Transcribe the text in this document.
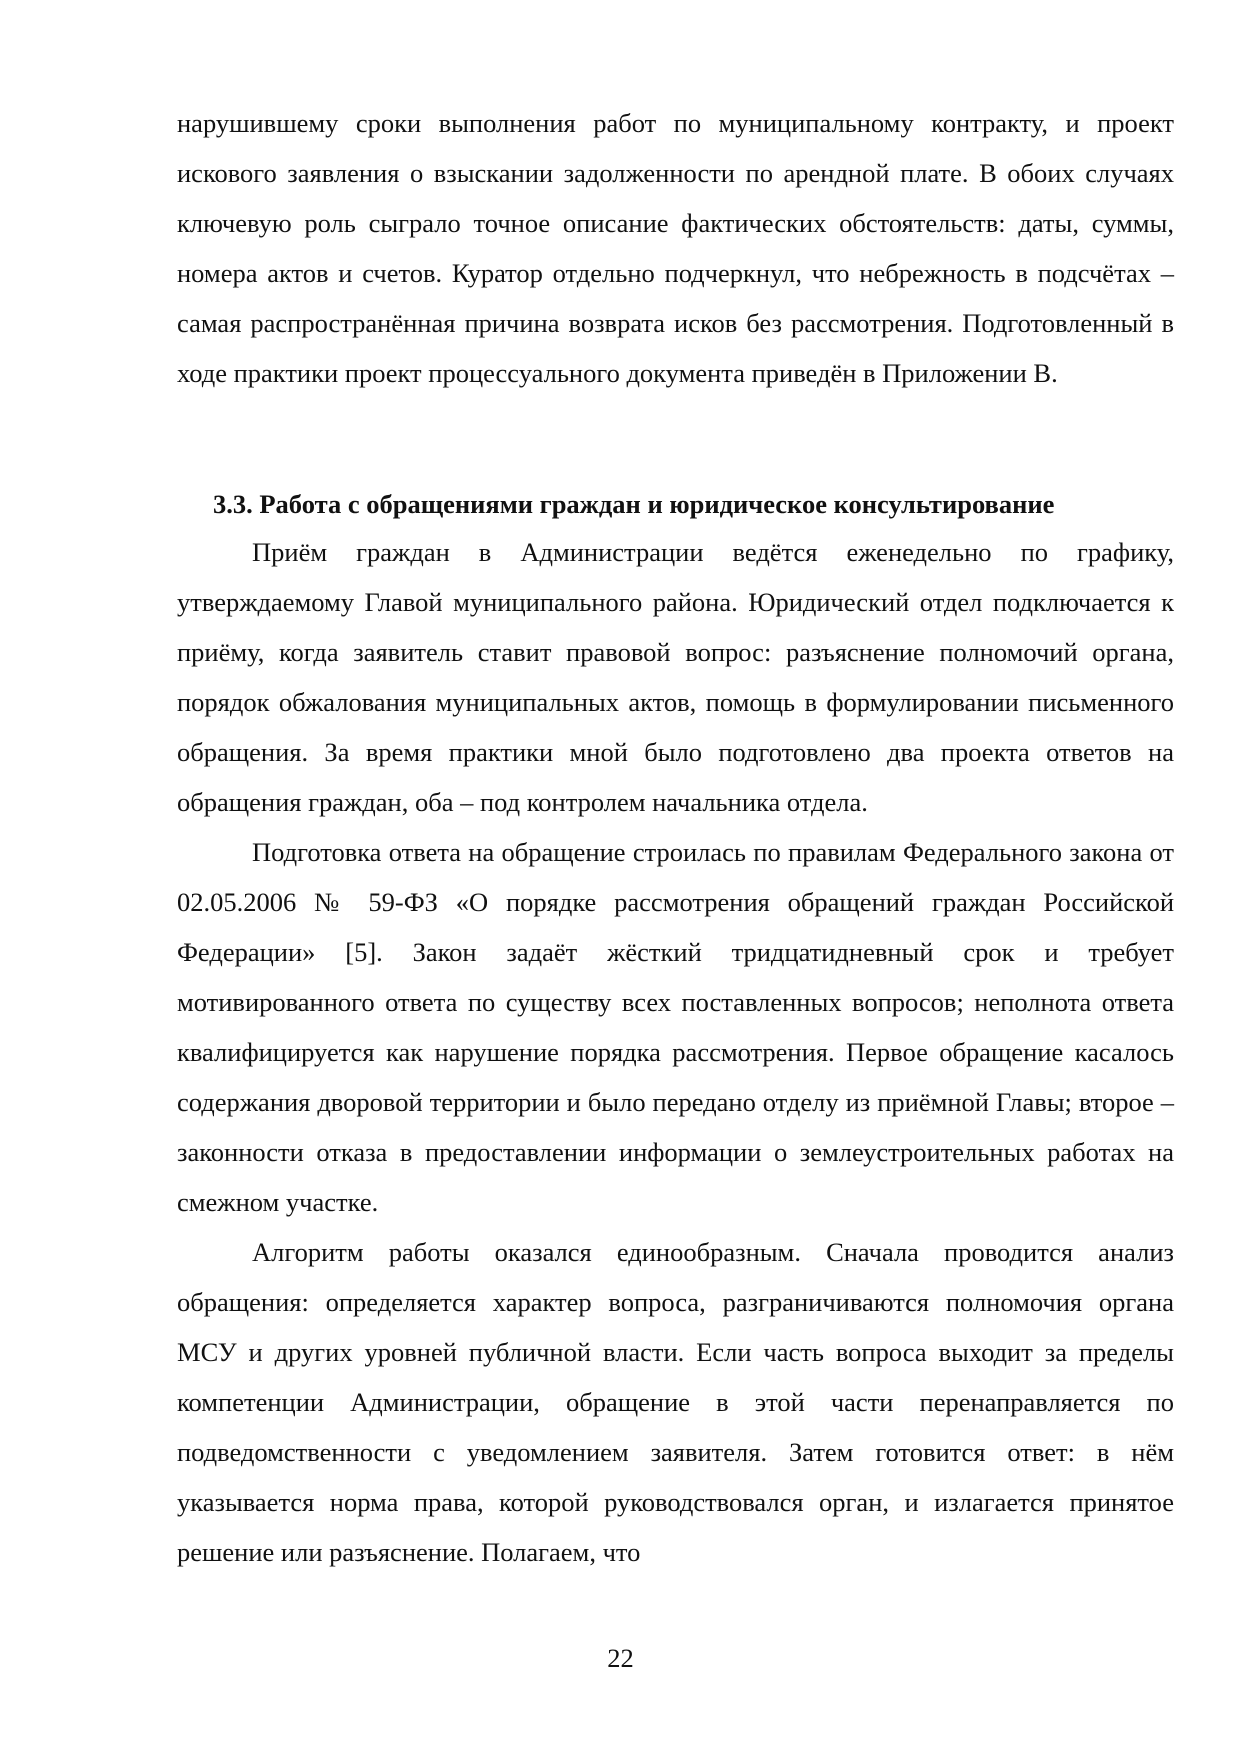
нарушившему сроки выполнения работ по муниципальному контракту, и проект искового заявления о взыскании задолженности по арендной плате. В обоих случаях ключевую роль сыграло точное описание фактических обстоятельств: даты, суммы, номера актов и счетов. Куратор отдельно подчеркнул, что небрежность в подсчётах – самая распространённая причина возврата исков без рассмотрения. Подготовленный в ходе практики проект процессуального документа приведён в Приложении В.

3.3. Работа с обращениями граждан и юридическое консультирование

Приём граждан в Администрации ведётся еженедельно по графику, утверждаемому Главой муниципального района. Юридический отдел подключается к приёму, когда заявитель ставит правовой вопрос: разъяснение полномочий органа, порядок обжалования муниципальных актов, помощь в формулировании письменного обращения. За время практики мной было подготовлено два проекта ответов на обращения граждан, оба – под контролем начальника отдела.

Подготовка ответа на обращение строилась по правилам Федерального закона от 02.05.2006 № 59-ФЗ «О порядке рассмотрения обращений граждан Российской Федерации» [5]. Закон задаёт жёсткий тридцатидневный срок и требует мотивированного ответа по существу всех поставленных вопросов; неполнота ответа квалифицируется как нарушение порядка рассмотрения. Первое обращение касалось содержания дворовой территории и было передано отделу из приёмной Главы; второе – законности отказа в предоставлении информации о землеустроительных работах на смежном участке.

Алгоритм работы оказался единообразным. Сначала проводится анализ обращения: определяется характер вопроса, разграничиваются полномочия органа МСУ и других уровней публичной власти. Если часть вопроса выходит за пределы компетенции Администрации, обращение в этой части перенаправляется по подведомственности с уведомлением заявителя. Затем готовится ответ: в нём указывается норма права, которой руководствовался орган, и излагается принятое решение или разъяснение. Полагаем, что

22
